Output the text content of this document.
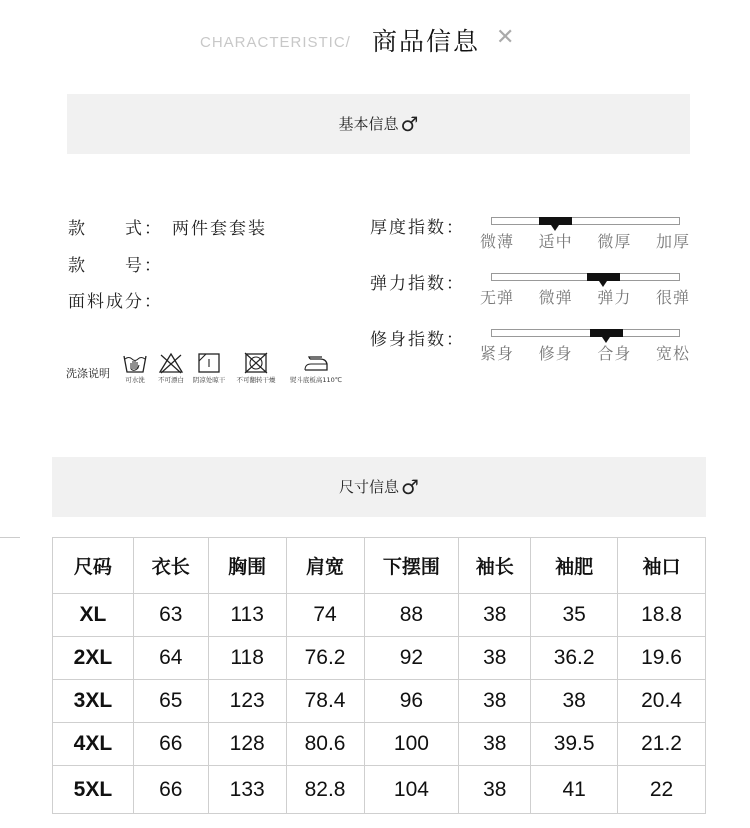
CHARACTERISTIC/ 商品信息 ✕
基本信息 ♂
款　　式： 两件套套装
款　　号：
面料成分：
洗涤说明	可水洗	不可漂白	阴凉处晾干	不可翻转干燥	熨斗底板高110℃
厚度指数：
微薄 适中 微厚 加厚
弹力指数：
无弹 微弹 弹力 很弹
修身指数：
紧身 修身 合身 宽松
尺寸信息 ♂
尺码	衣长	胸围	肩宽	下摆围	袖长	袖肥	袖口
XL	63	113	74	88	38	35	18.8
2XL	64	118	76.2	92	38	36.2	19.6
3XL	65	123	78.4	96	38	38	20.4
4XL	66	128	80.6	100	38	39.5	21.2
5XL	66	133	82.8	104	38	41	22
